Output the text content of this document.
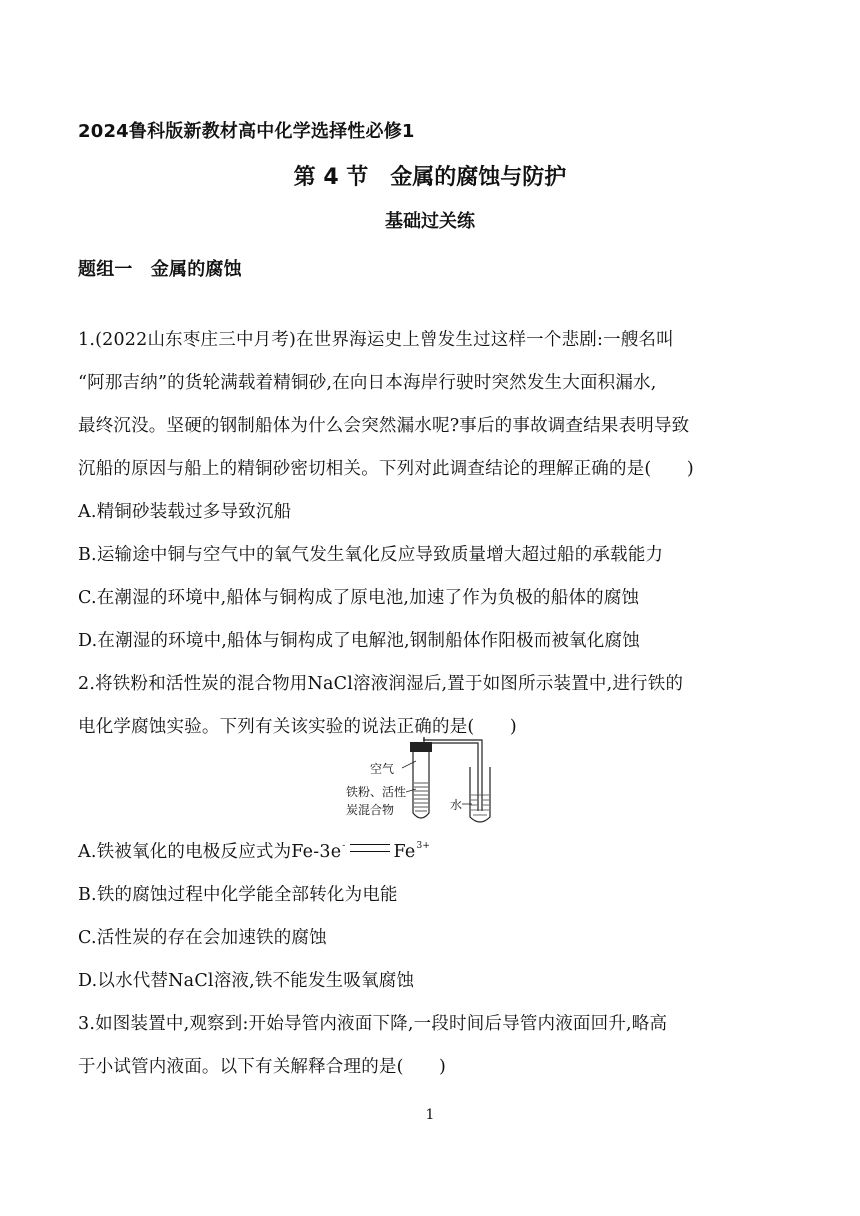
2024鲁科版新教材高中化学选择性必修1
第 4 节　金属的腐蚀与防护
基础过关练
题组一　金属的腐蚀
1.(2022山东枣庄三中月考)在世界海运史上曾发生过这样一个悲剧:一艘名叫
“阿那吉纳”的货轮满载着精铜砂,在向日本海岸行驶时突然发生大面积漏水,
最终沉没。坚硬的钢制船体为什么会突然漏水呢?事后的事故调查结果表明导致
沉船的原因与船上的精铜砂密切相关。下列对此调查结论的理解正确的是(　　)
A.精铜砂装载过多导致沉船
B.运输途中铜与空气中的氧气发生氧化反应导致质量增大超过船的承载能力
C.在潮湿的环境中,船体与铜构成了原电池,加速了作为负极的船体的腐蚀
D.在潮湿的环境中,船体与铜构成了电解池,钢制船体作阳极而被氧化腐蚀
2.将铁粉和活性炭的混合物用NaCl溶液润湿后,置于如图所示装置中,进行铁的
电化学腐蚀实验。下列有关该实验的说法正确的是(　　)
空气
铁粉、活性
炭混合物	水
A.铁被氧化的电极反应式为Fe-3e-	$Fe^{3+}$
B.铁的腐蚀过程中化学能全部转化为电能
C.活性炭的存在会加速铁的腐蚀
D.以水代替NaCl溶液,铁不能发生吸氧腐蚀
3.如图装置中,观察到:开始导管内液面下降,一段时间后导管内液面回升,略高
于小试管内液面。以下有关解释合理的是(　　)
1
